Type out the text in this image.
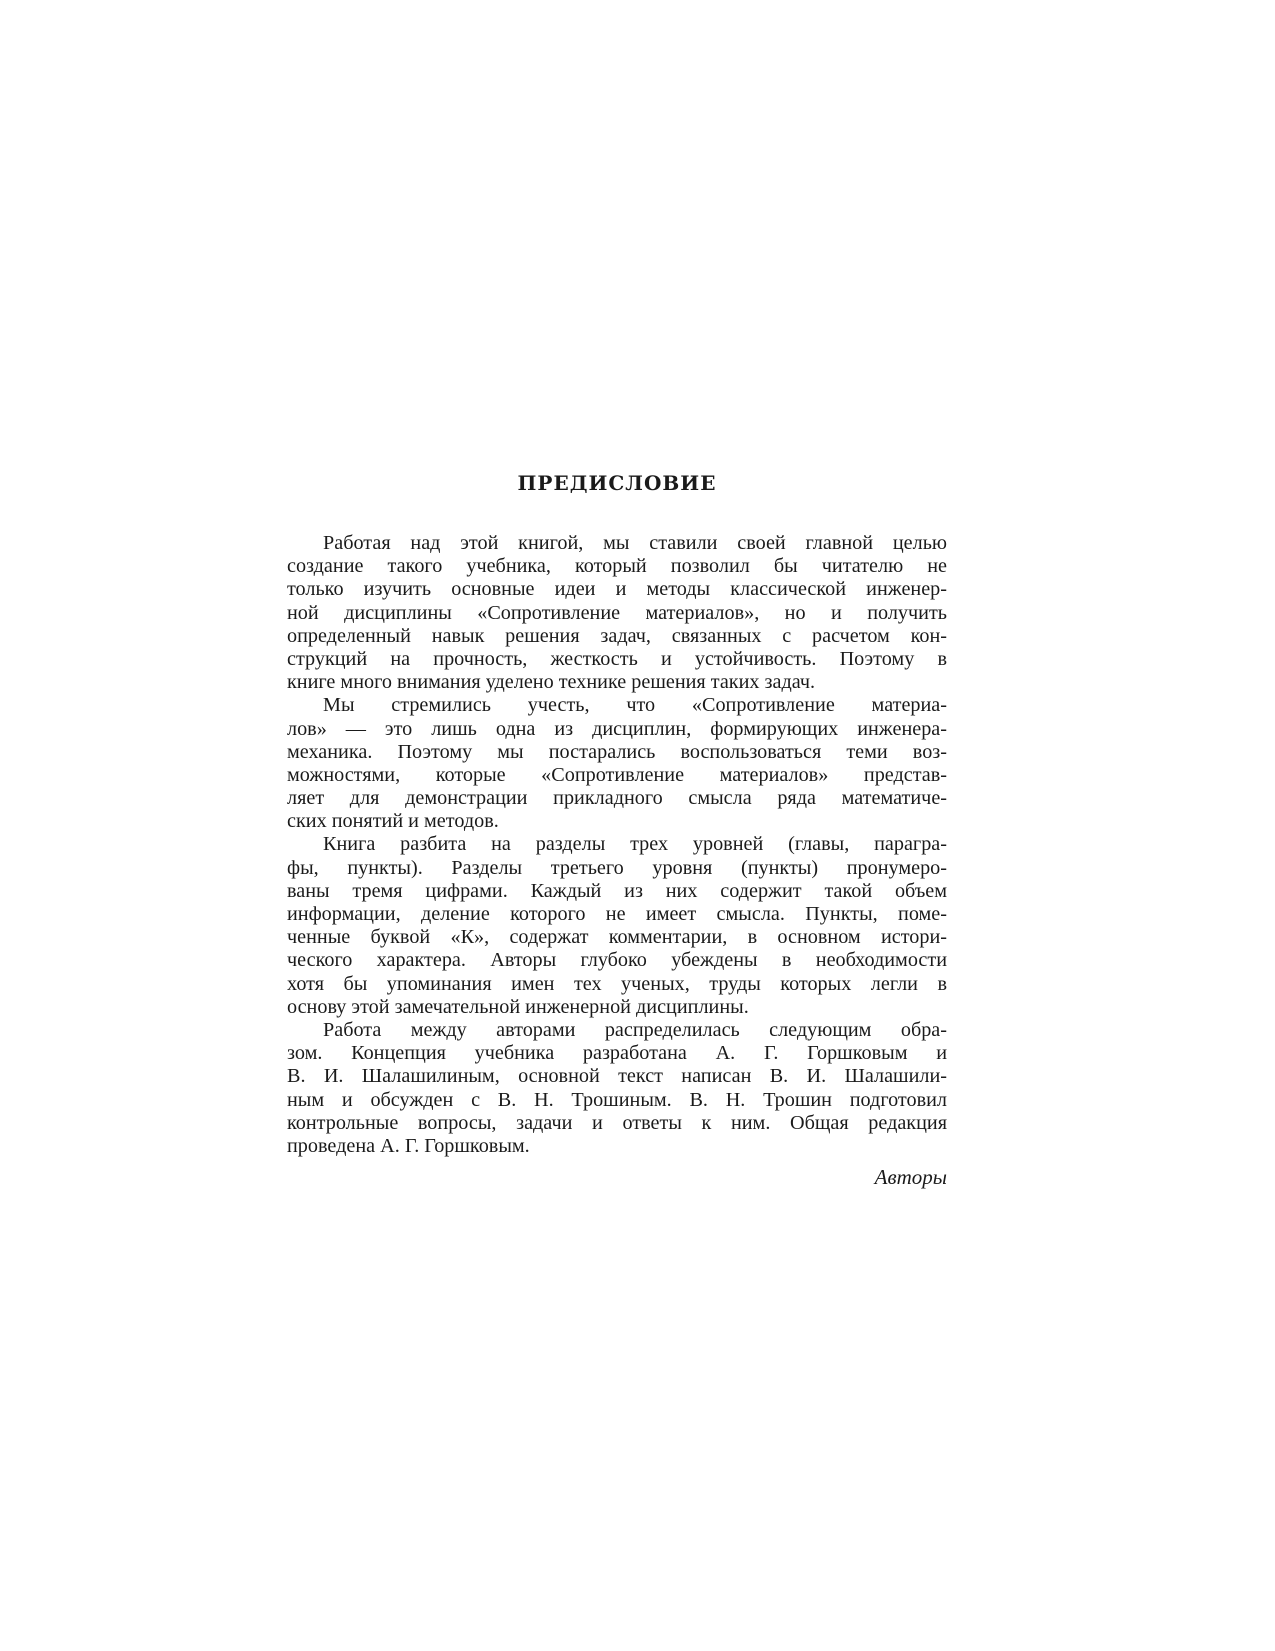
ПРЕДИСЛОВИЕ
Работая над этой книгой, мы ставили своей главной целью
создание такого учебника, который позволил бы читателю не
только изучить основные идеи и методы классической инженер-
ной дисциплины «Сопротивление материалов», но и получить
определенный навык решения задач, связанных с расчетом кон-
струкций на прочность, жесткость и устойчивость. Поэтому в
книге много внимания уделено технике решения таких задач.
Мы стремились учесть, что «Сопротивление материа-
лов» — это лишь одна из дисциплин, формирующих инженера-
механика. Поэтому мы постарались воспользоваться теми воз-
можностями, которые «Сопротивление материалов» представ-
ляет для демонстрации прикладного смысла ряда математиче-
ских понятий и методов.
Книга разбита на разделы трех уровней (главы, парагра-
фы, пункты). Разделы третьего уровня (пункты) пронумеро-
ваны тремя цифрами. Каждый из них содержит такой объем
информации, деление которого не имеет смысла. Пункты, поме-
ченные буквой «К», содержат комментарии, в основном истори-
ческого характера. Авторы глубоко убеждены в необходимости
хотя бы упоминания имен тех ученых, труды которых легли в
основу этой замечательной инженерной дисциплины.
Работа между авторами распределилась следующим обра-
зом. Концепция учебника разработана А. Г. Горшковым и
В. И. Шалашилиным, основной текст написан В. И. Шалашили-
ным и обсужден с В. Н. Трошиным. В. Н. Трошин подготовил
контрольные вопросы, задачи и ответы к ним. Общая редакция
проведена А. Г. Горшковым.

Авторы
